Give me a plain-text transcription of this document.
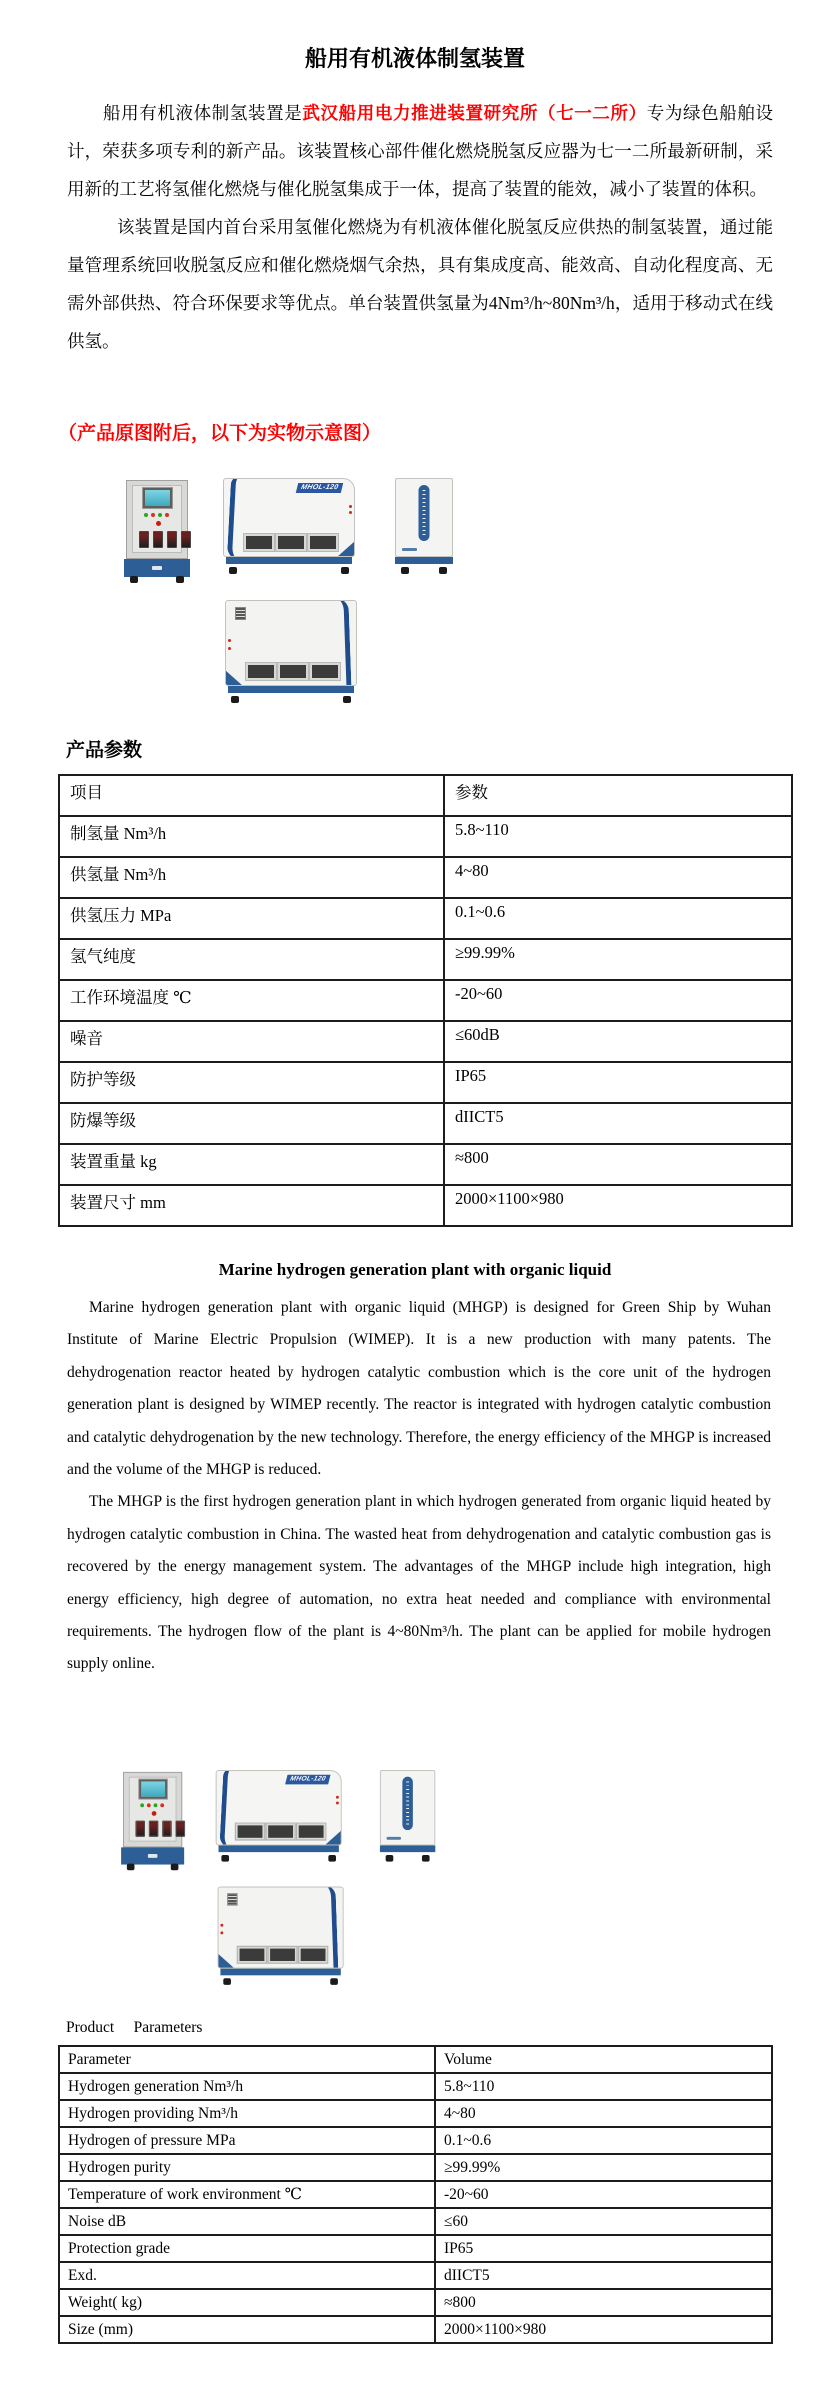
船用有机液体制氢装置

船用有机液体制氢装置是武汉船用电力推进装置研究所（七一二所）专为绿色船舶设计，荣获多项专利的新产品。该装置核心部件催化燃烧脱氢反应器为七一二所最新研制，采用新的工艺将氢催化燃烧与催化脱氢集成于一体，提高了装置的能效，减小了装置的体积。

该装置是国内首台采用氢催化燃烧为有机液体催化脱氢反应供热的制氢装置，通过能量管理系统回收脱氢反应和催化燃烧烟气余热，具有集成度高、能效高、自动化程度高、无需外部供热、符合环保要求等优点。单台装置供氢量为4Nm³/h~80Nm³/h，适用于移动式在线供氢。

（产品原图附后，以下为实物示意图）

MHOL-120
产品参数
项目	参数
制氢量 Nm³/h	5.8~110
供氢量 Nm³/h	4~80
供氢压力 MPa	0.1~0.6
氢气纯度	≥99.99%
工作环境温度 ℃	-20~60
噪音	≤60dB
防护等级	IP65
防爆等级	dIICT5
装置重量 kg	≈800
装置尺寸 mm	2000×1100×980
Marine hydrogen generation plant with organic liquid

Marine hydrogen generation plant with organic liquid (MHGP) is designed for Green Ship by Wuhan Institute of Marine Electric Propulsion (WIMEP). It is a new production with many patents. The dehydrogenation reactor heated by hydrogen catalytic combustion which is the core unit of the hydrogen generation plant is designed by WIMEP recently. The reactor is integrated with hydrogen catalytic combustion and catalytic dehydrogenation by the new technology. Therefore, the energy efficiency of the MHGP is increased and the volume of the MHGP is reduced.

The MHGP is the first hydrogen generation plant in which hydrogen generated from organic liquid heated by hydrogen catalytic combustion in China. The wasted heat from dehydrogenation and catalytic combustion gas is recovered by the energy management system. The advantages of the MHGP include high integration, high energy efficiency, high degree of automation, no extra heat needed and compliance with environmental requirements. The hydrogen flow of the plant is 4~80Nm³/h. The plant can be applied for mobile hydrogen supply online.

MHOL-120
Product     Parameters
Parameter	Volume
Hydrogen generation Nm³/h	5.8~110
Hydrogen providing Nm³/h	4~80
Hydrogen of pressure MPa	0.1~0.6
Hydrogen purity	≥99.99%
Temperature of work environment ℃	-20~60
Noise dB	≤60
Protection grade	IP65
Exd.	dIICT5
Weight( kg)	≈800
Size (mm)	2000×1100×980
